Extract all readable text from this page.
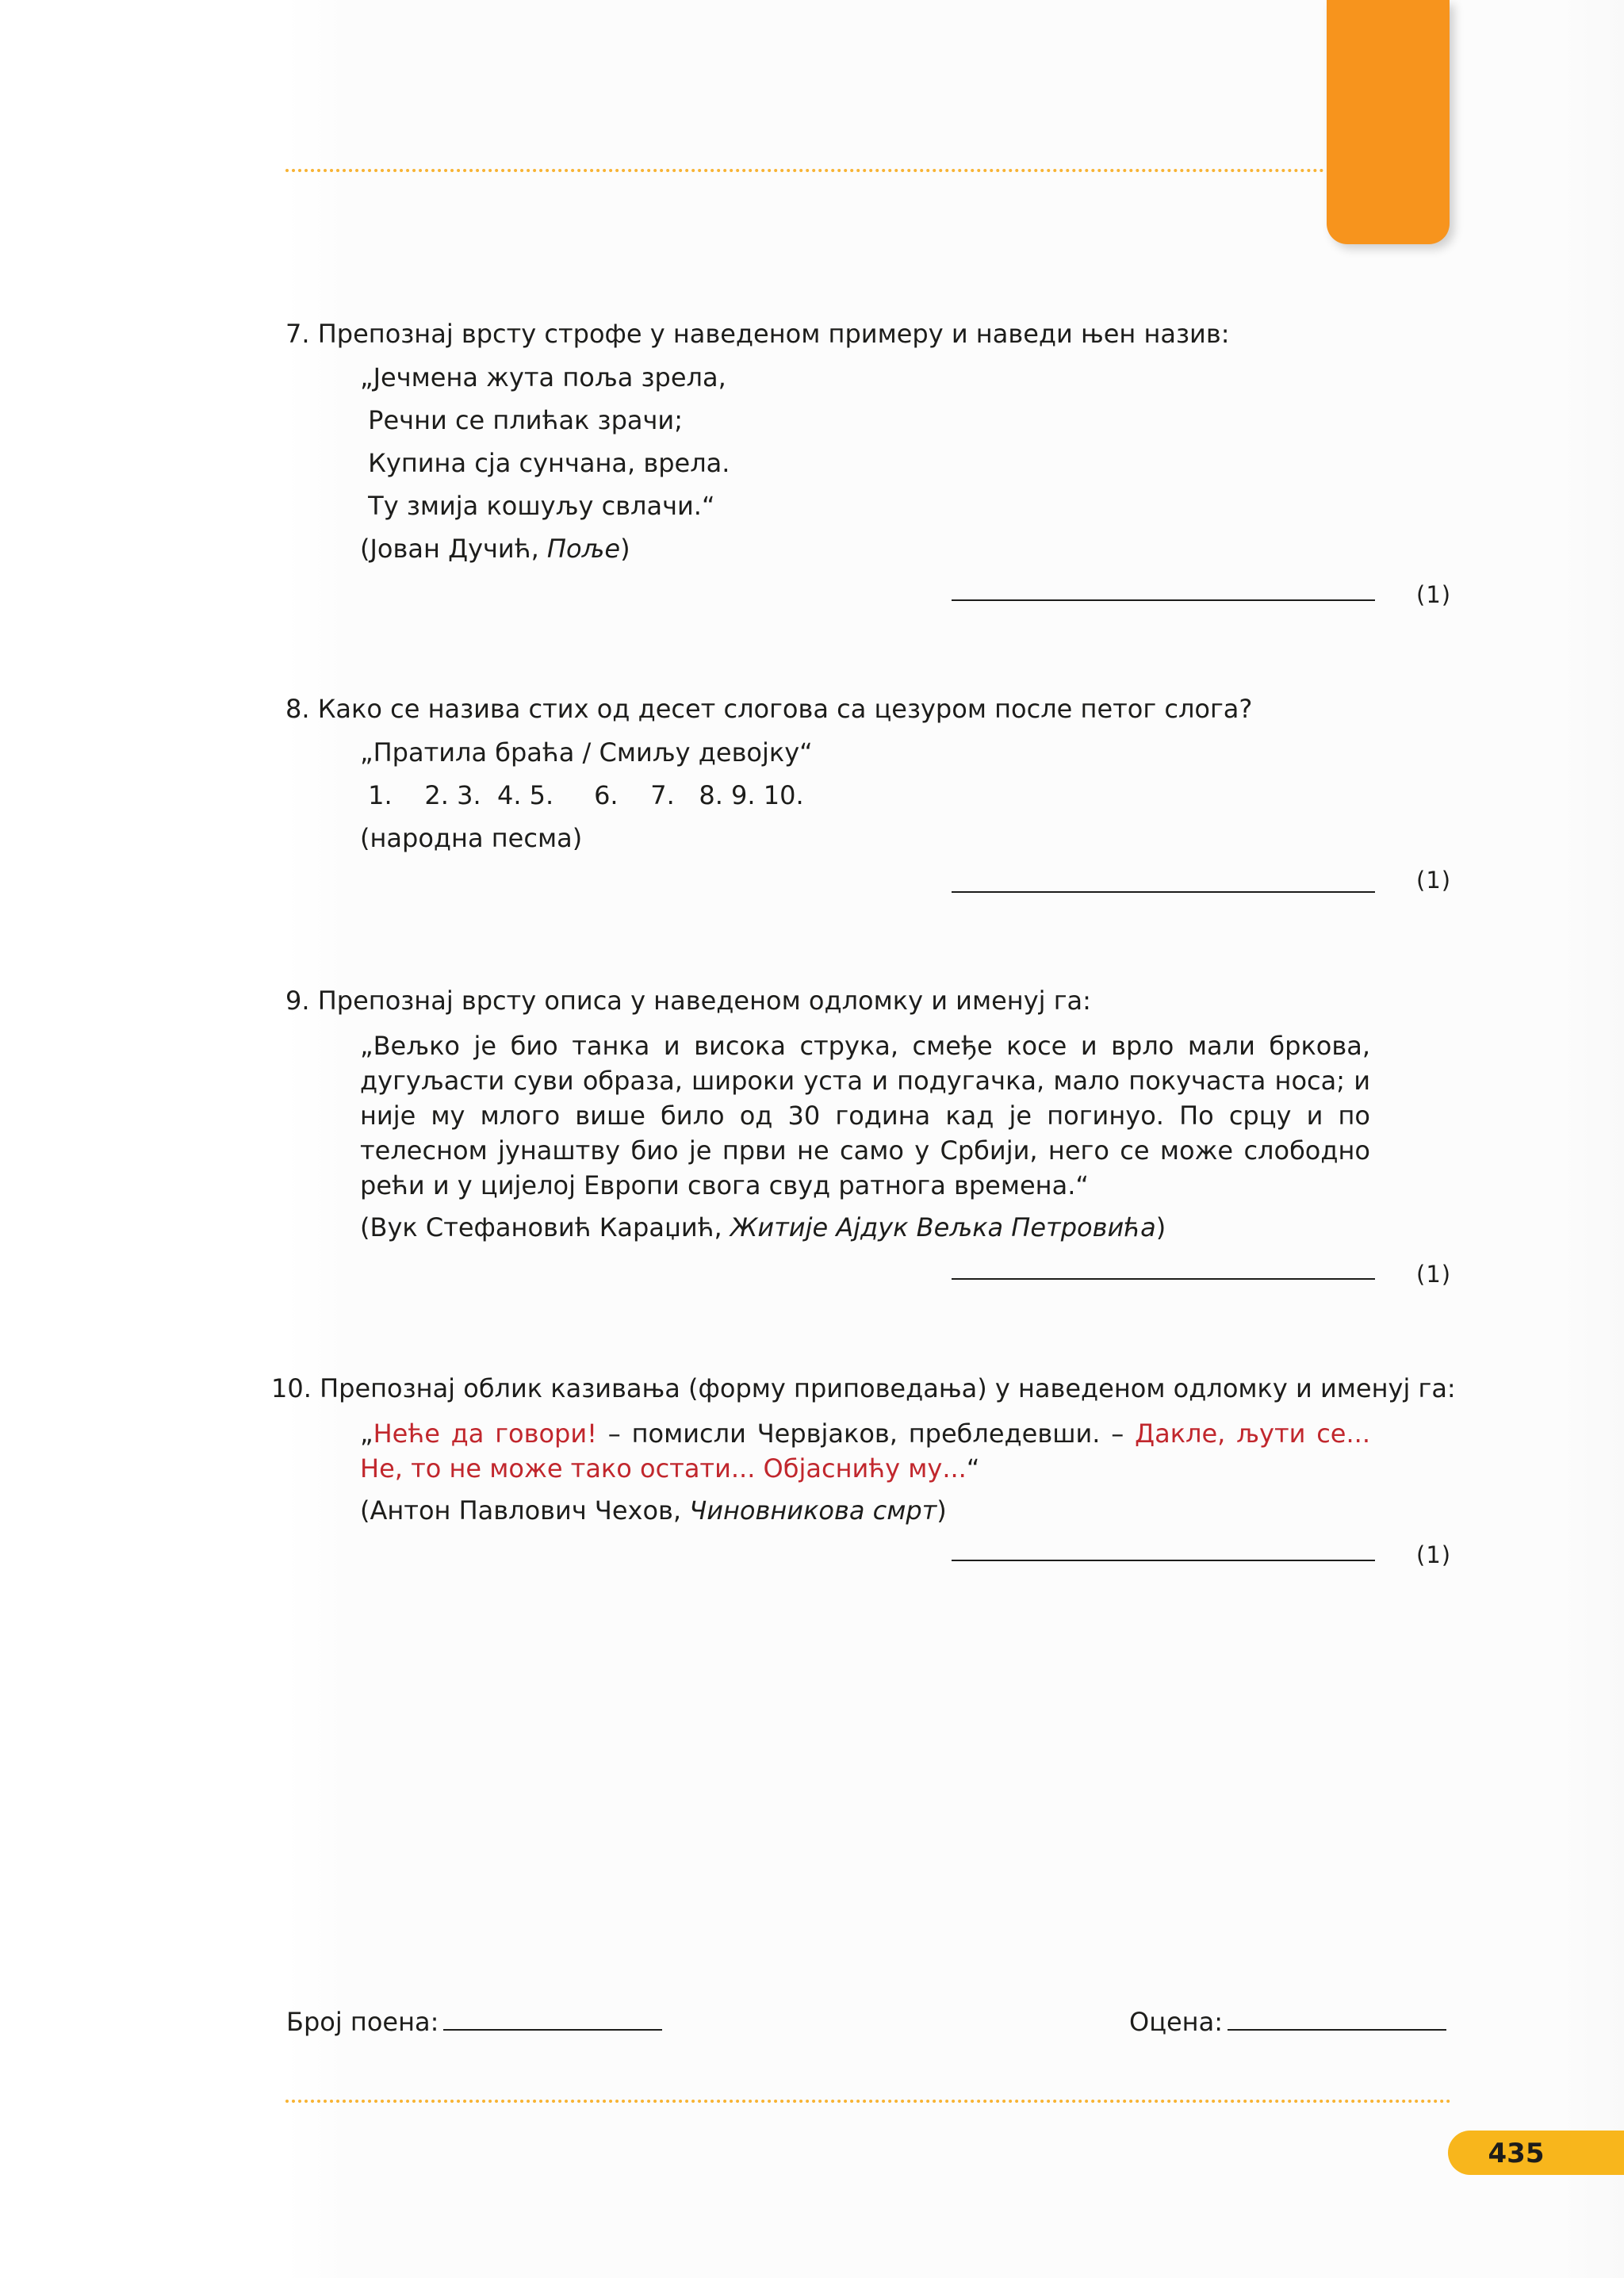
7. Препознај врсту строфе у наведеном примеру и наведи њен назив:
„Јечмена жута поља зрела,
Речни се плићак зрачи;
Купина сја сунчана, врела.
Ту змија кошуљу свлачи.“
(Јован Дучић, Поље)
(1)
8. Како се назива стих од десет слогова са цезуром после петог слога?
„Пратила браћа / Смиљу девојку“
1.    2. 3.  4. 5.     6.    7.   8. 9. 10.
(народна песма)
(1)
9. Препознај врсту описа у наведеном одломку и именуј га:
„Вељко је био танка и висока струка, смеђе косе и врло мали бркова, дугуљасти суви образа, широки уста и подугачка, мало покучаста носа; и није му млого више било од 30 година кад је погинуо. По срцу и по телесном јунаштву био је први не само у Србији, него се може слободно рећи и у цијелој Европи свога свуд ратнога времена.“
(Вук Стефановић Караџић, Житије Ајдук Вељка Петровића)
(1)
10. Препознај облик казивања (форму приповедања) у наведеном одломку и именуј га:
„Неће да говори! – помисли Червјаков, пребледевши. – Дакле, љути се... Не, то не може тако остати... Објаснићу му...“
(Антон Павлович Чехов, Чиновникова смрт)
(1)
Број поена:	Оцена:
435
